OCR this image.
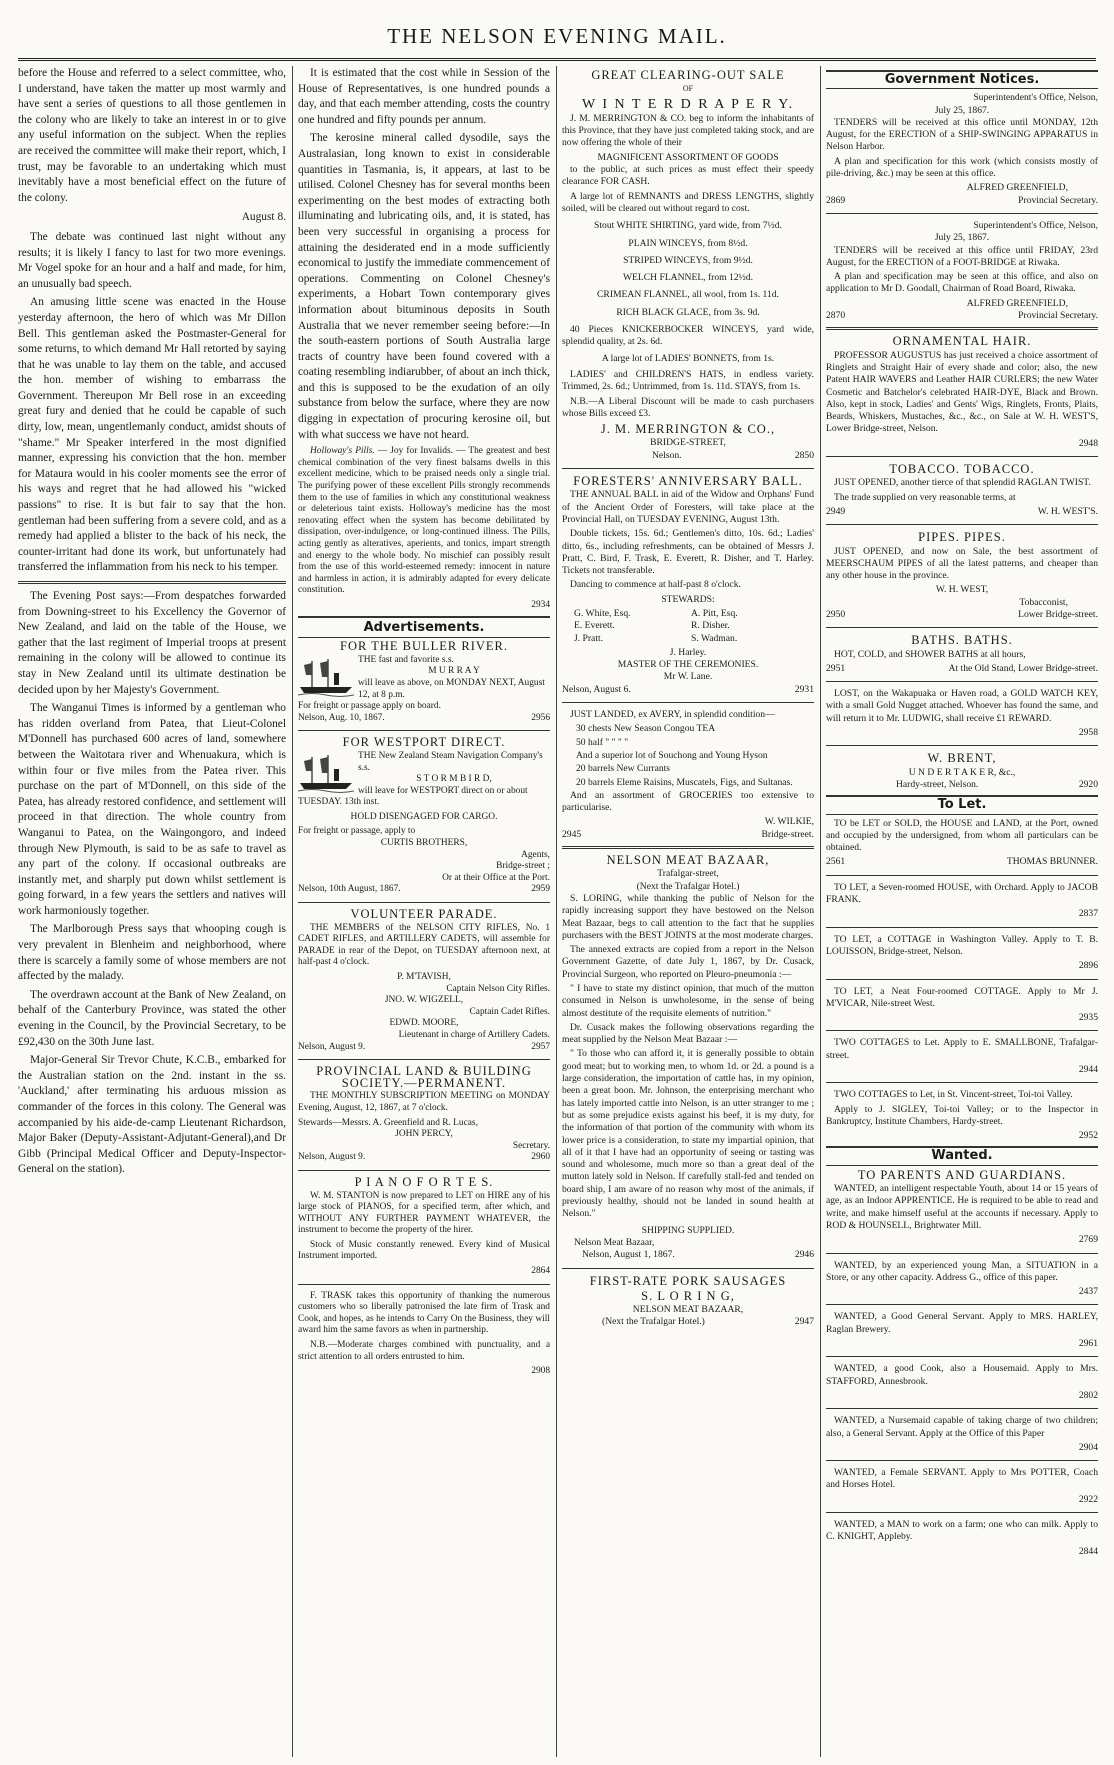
THE NELSON EVENING MAIL.

before the House and referred to a select committee, who, I understand, have taken the matter up most warmly and have sent a series of questions to all those gentlemen in the colony who are likely to take an interest in or to give any useful information on the subject. When the replies are received the committee will make their report, which, I trust, may be favorable to an undertaking which must inevitably have a most beneficial effect on the future of the colony.

August 8.

The debate was continued last night without any results; it is likely I fancy to last for two more evenings. Mr Vogel spoke for an hour and a half and made, for him, an unusually bad speech.

An amusing little scene was enacted in the House yesterday afternoon, the hero of which was Mr Dillon Bell. This gentleman asked the Postmaster-General for some returns, to which demand Mr Hall retorted by saying that he was unable to lay them on the table, and accused the hon. member of wishing to embarrass the Government. Thereupon Mr Bell rose in an exceeding great fury and denied that he could be capable of such dirty, low, mean, ungentlemanly conduct, amidst shouts of "shame." Mr Speaker interfered in the most dignified manner, expressing his conviction that the hon. member for Mataura would in his cooler moments see the error of his ways and regret that he had allowed his "wicked passions" to rise. It is but fair to say that the hon. gentleman had been suffering from a severe cold, and as a remedy had applied a blister to the back of his neck, the counter-irritant had done its work, but unfortunately had transferred the inflammation from his neck to his temper.

The Evening Post says:—From despatches forwarded from Downing-street to his Excellency the Governor of New Zealand, and laid on the table of the House, we gather that the last regiment of Imperial troops at present remaining in the colony will be allowed to continue its stay in New Zealand until its ultimate destination be decided upon by her Majesty's Government.

The Wanganui Times is informed by a gentleman who has ridden overland from Patea, that Lieut-Colonel M'Donnell has purchased 600 acres of land, somewhere between the Waitotara river and Whenuakura, which is within four or five miles from the Patea river. This purchase on the part of M'Donnell, on this side of the Patea, has already restored confidence, and settlement will proceed in that direction. The whole country from Wanganui to Patea, on the Waingongoro, and indeed through New Plymouth, is said to be as safe to travel as any part of the colony. If occasional outbreaks are instantly met, and sharply put down whilst settlement is going forward, in a few years the settlers and natives will work harmoniously together.

The Marlborough Press says that whooping cough is very prevalent in Blenheim and neighborhood, where there is scarcely a family some of whose members are not affected by the malady.

The overdrawn account at the Bank of New Zealand, on behalf of the Canterbury Province, was stated the other evening in the Council, by the Provincial Secretary, to be £92,430 on the 30th June last.

Major-General Sir Trevor Chute, K.C.B., embarked for the Australian station on the 2nd. instant in the ss. 'Auckland,' after terminating his arduous mission as commander of the forces in this colony. The General was accompanied by his aide-de-camp Lieutenant Richardson, Major Baker (Deputy-Assistant-Adjutant-General),and Dr Gibb (Principal Medical Officer and Deputy-Inspector-General on the station).

It is estimated that the cost while in Session of the House of Representatives, is one hundred pounds a day, and that each member attending, costs the country one hundred and fifty pounds per annum.

The kerosine mineral called dysodile, says the Australasian, long known to exist in considerable quantities in Tasmania, is, it appears, at last to be utilised. Colonel Chesney has for several months been experimenting on the best modes of extracting both illuminating and lubricating oils, and, it is stated, has been very successful in organising a process for attaining the desiderated end in a mode sufficiently economical to justify the immediate commencement of operations. Commenting on Colonel Chesney's experiments, a Hobart Town contemporary gives information about bituminous deposits in South Australia that we never remember seeing before:—In the south-eastern portions of South Australia large tracts of country have been found covered with a coating resembling indiarubber, of about an inch thick, and this is supposed to be the exudation of an oily substance from below the surface, where they are now digging in expectation of procuring kerosine oil, but with what success we have not heard.

Holloway's Pills. — Joy for Invalids. — The greatest and best chemical combination of the very finest balsams dwells in this excellent medicine, which to be praised needs only a single trial. The purifying power of these excellent Pills strongly recommends them to the use of families in which any constitutional weakness or deleterious taint exists. Holloway's medicine has the most renovating effect when the system has become debilitated by dissipation, over-indulgence, or long-continued illness. The Pills, acting gently as alteratives, aperients, and tonics, impart strength and energy to the whole body. No mischief can possibly result from the use of this world-esteemed remedy: innocent in nature and harmless in action, it is admirably adapted for every delicate constitution.

2934
Advertisements.
FOR THE BULLER RIVER.
THE fast and favorite s.s.
M U R R A Y
will leave as above, on MONDAY NEXT, August 12, at 8 p.m.
For freight or passage apply on board.
Nelson, Aug. 10, 1867.	2956
FOR WESTPORT DIRECT.
THE New Zealand Steam Navigation Company's s.s.
S T O R M B I R D,
will leave for WESTPORT direct on or about TUESDAY. 13th inst.
HOLD DISENGAGED FOR CARGO.
For freight or passage, apply to
CURTIS BROTHERS,
Agents,
Bridge-street ;
Or at their Office at the Port.
Nelson, 10th August, 1867.	2959
VOLUNTEER PARADE.

THE MEMBERS of the NELSON CITY RIFLES, No. 1 CADET RIFLES, and ARTILLERY CADETS, will assemble for PARADE in rear of the Depot, on TUESDAY afternoon next, at half-past 4 o'clock.

P. M'TAVISH,
Captain Nelson City Rifles.
JNO. W. WIGZELL,
Captain Cadet Rifles.
EDWD. MOORE,
Lieutenant in charge of Artillery Cadets.
Nelson, August 9.	2957
PROVINCIAL LAND & BUILDING SOCIETY.—PERMANENT.

THE MONTHLY SUBSCRIPTION MEETING on MONDAY Evening, August, 12, 1867, at 7 o'clock.

Stewards—Messrs. A. Greenfield and R. Lucas,
JOHN PERCY,
Secretary.
Nelson, August 9.	2960
P I A N O F O R T E S.

W. M. STANTON is now prepared to LET on HIRE any of his large stock of PIANOS, for a specified term, after which, and WITHOUT ANY FURTHER PAYMENT WHATEVER, the instrument to become the property of the hirer.

Stock of Music constantly renewed. Every kind of Musical Instrument imported.

2864

F. TRASK takes this opportunity of thanking the numerous customers who so liberally patronised the late firm of Trask and Cook, and hopes, as he intends to Carry On the Business, they will award him the same favors as when in partnership.

N.B.—Moderate charges combined with punctuality, and a strict attention to all orders entrusted to him.

2908
GREAT CLEARING-OUT SALE
OF
W I N T E R D R A P E R Y.

J. M. MERRINGTON & CO. beg to inform the inhabitants of this Province, that they have just completed taking stock, and are now offering the whole of their

MAGNIFICENT ASSORTMENT OF GOODS

to the public, at such prices as must effect their speedy clearance FOR CASH.

A large lot of REMNANTS and DRESS LENGTHS, slightly soiled, will be cleared out without regard to cost.

Stout WHITE SHIRTING, yard wide, from 7½d.
PLAIN WINCEYS, from 8½d.
STRIPED WINCEYS, from 9½d.
WELCH FLANNEL, from 12½d.
CRIMEAN FLANNEL, all wool, from 1s. 11d.
RICH BLACK GLACE, from 3s. 9d.

40 Pieces KNICKERBOCKER WINCEYS, yard wide, splendid quality, at 2s. 6d.

A large lot of LADIES' BONNETS, from 1s.

LADIES' and CHILDREN'S HATS, in endless variety. Trimmed, 2s. 6d.; Untrimmed, from 1s. 11d. STAYS, from 1s.

N.B.—A Liberal Discount will be made to cash purchasers whose Bills exceed £3.

J. M. MERRINGTON & CO.,
BRIDGE-STREET,
Nelson.	2850
FORESTERS' ANNIVERSARY BALL.

THE ANNUAL BALL in aid of the Widow and Orphans' Fund of the Ancient Order of Foresters, will take place at the Provincial Hall, on TUESDAY EVENING, August 13th.

Double tickets, 15s. 6d.; Gentlemen's ditto, 10s. 6d.; Ladies' ditto, 6s., including refreshments, can be obtained of Messrs J. Pratt, C. Bird, F. Trask, E. Everett, R. Disher, and T. Harley. Tickets not transferable.

Dancing to commence at half-past 8 o'clock.

STEWARDS:
G. White, Esq.	A. Pitt, Esq.
E. Everett.	R. Disher.
J. Pratt.	S. Wadman.
J. Harley.
MASTER OF THE CEREMONIES.
Mr W. Lane.
Nelson, August 6.	2931

JUST LANDED, ex AVERY, in splendid condition—

30 chests New Season Congou TEA
50 half " " " "
And a superior lot of Souchong and Young Hyson
20 barrels New Currants
20 barrels Eleme Raisins, Muscatels, Figs, and Sultanas.

And an assortment of GROCERIES too extensive to particularise.

W. WILKIE,
2945	Bridge-street.
NELSON MEAT BAZAAR,
Trafalgar-street,
(Next the Trafalgar Hotel.)

S. LORING, while thanking the public of Nelson for the rapidly increasing support they have bestowed on the Nelson Meat Bazaar, begs to call attention to the fact that he supplies purchasers with the BEST JOINTS at the most moderate charges.

The annexed extracts are copied from a report in the Nelson Government Gazette, of date July 1, 1867, by Dr. Cusack, Provincial Surgeon, who reported on Pleuro-pneumonia :—

" I have to state my distinct opinion, that much of the mutton consumed in Nelson is unwholesome, in the sense of being almost destitute of the requisite elements of nutrition."

Dr. Cusack makes the following observations regarding the meat supplied by the Nelson Meat Bazaar :—

" To those who can afford it, it is generally possible to obtain good meat; but to working men, to whom 1d. or 2d. a pound is a large consideration, the importation of cattle has, in my opinion, been a great boon. Mr. Johnson, the enterprising merchant who has lately imported cattle into Nelson, is an utter stranger to me ; but as some prejudice exists against his beef, it is my duty, for the information of that portion of the community with whom its lower price is a consideration, to state my impartial opinion, that all of it that I have had an opportunity of seeing or tasting was sound and wholesome, much more so than a great deal of the mutton lately sold in Nelson. If carefully stall-fed and tended on board ship, I am aware of no reason why most of the animals, if previously healthy, should not be landed in sound health at Nelson."

SHIPPING SUPPLIED.
Nelson Meat Bazaar,
Nelson, August 1, 1867.	2946
FIRST-RATE PORK SAUSAGES
S. L O R I N G,
NELSON MEAT BAZAAR,
(Next the Trafalgar Hotel.)	2947
Government Notices.
Superintendent's Office, Nelson,
July 25, 1867.

TENDERS will be received at this office until MONDAY, 12th August, for the ERECTION of a SHIP-SWINGING APPARATUS in Nelson Harbor.

A plan and specification for this work (which consists mostly of pile-driving, &c.) may be seen at this office.

ALFRED GREENFIELD,
2869	Provincial Secretary.
Superintendent's Office, Nelson,
July 25, 1867.

TENDERS will be received at this office until FRIDAY, 23rd August, for the ERECTION of a FOOT-BRIDGE at Riwaka.

A plan and specification may be seen at this office, and also on application to Mr D. Goodall, Chairman of Road Board, Riwaka.

ALFRED GREENFIELD,
2870	Provincial Secretary.
ORNAMENTAL HAIR.

PROFESSOR AUGUSTUS has just received a choice assortment of Ringlets and Straight Hair of every shade and color; also, the new Patent HAIR WAVERS and Leather HAIR CURLERS; the new Water Cosmetic and Batchelor's celebrated HAIR-DYE, Black and Brown. Also, kept in stock, Ladies' and Gents' Wigs, Ringlets, Fronts, Plaits, Beards, Whiskers, Mustaches, &c., &c., on Sale at W. H. WEST'S, Lower Bridge-street, Nelson.

2948
TOBACCO. TOBACCO.

JUST OPENED, another tierce of that splendid RAGLAN TWIST.

The trade supplied on very reasonable terms, at

2949	W. H. WEST'S.
PIPES. PIPES.

JUST OPENED, and now on Sale, the best assortment of MEERSCHAUM PIPES of all the latest patterns, and cheaper than any other house in the province.

W. H. WEST,
Tobacconist,
2950	Lower Bridge-street.
BATHS. BATHS.

HOT, COLD, and SHOWER BATHS at all hours,

2951	At the Old Stand, Lower Bridge-street.

LOST, on the Wakapuaka or Haven road, a GOLD WATCH KEY, with a small Gold Nugget attached. Whoever has found the same, and will return it to Mr. LUDWIG, shall receive £1 REWARD.

2958
W. BRENT,
U N D E R T A K E R, &c.,
Hardy-street, Nelson.	2920
To Let.

TO be LET or SOLD, the HOUSE and LAND, at the Port, owned and occupied by the undersigned, from whom all particulars can be obtained.

2561	THOMAS BRUNNER.

TO LET, a Seven-roomed HOUSE, with Orchard. Apply to JACOB FRANK.

2837

TO LET, a COTTAGE in Washington Valley. Apply to T. B. LOUISSON, Bridge-street, Nelson.

2896

TO LET, a Neat Four-roomed COTTAGE. Apply to Mr J. M'VICAR, Nile-street West.

2935

TWO COTTAGES to Let. Apply to E. SMALLBONE, Trafalgar-street.

2944

TWO COTTAGES to Let, in St. Vincent-street, Toi-toi Valley.

Apply to J. SIGLEY, Toi-toi Valley; or to the Inspector in Bankruptcy, Institute Chambers, Hardy-street.

2952
Wanted.
TO PARENTS AND GUARDIANS.

WANTED, an intelligent respectable Youth, about 14 or 15 years of age, as an Indoor APPRENTICE. He is required to be able to read and write, and make himself useful at the accounts if necessary. Apply to ROD & HOUNSELL, Brightwater Mill.

2769

WANTED, by an experienced young Man, a SITUATION in a Store, or any other capacity. Address G., office of this paper.

2437

WANTED, a Good General Servant. Apply to MRS. HARLEY, Raglan Brewery.

2961

WANTED, a good Cook, also a Housemaid. Apply to Mrs. STAFFORD, Annesbrook.

2802

WANTED, a Nursemaid capable of taking charge of two children; also, a General Servant. Apply at the Office of this Paper

2904

WANTED, a Female SERVANT. Apply to Mrs POTTER, Coach and Horses Hotel.

2922

WANTED, a MAN to work on a farm; one who can milk. Apply to C. KNIGHT, Appleby.

2844
